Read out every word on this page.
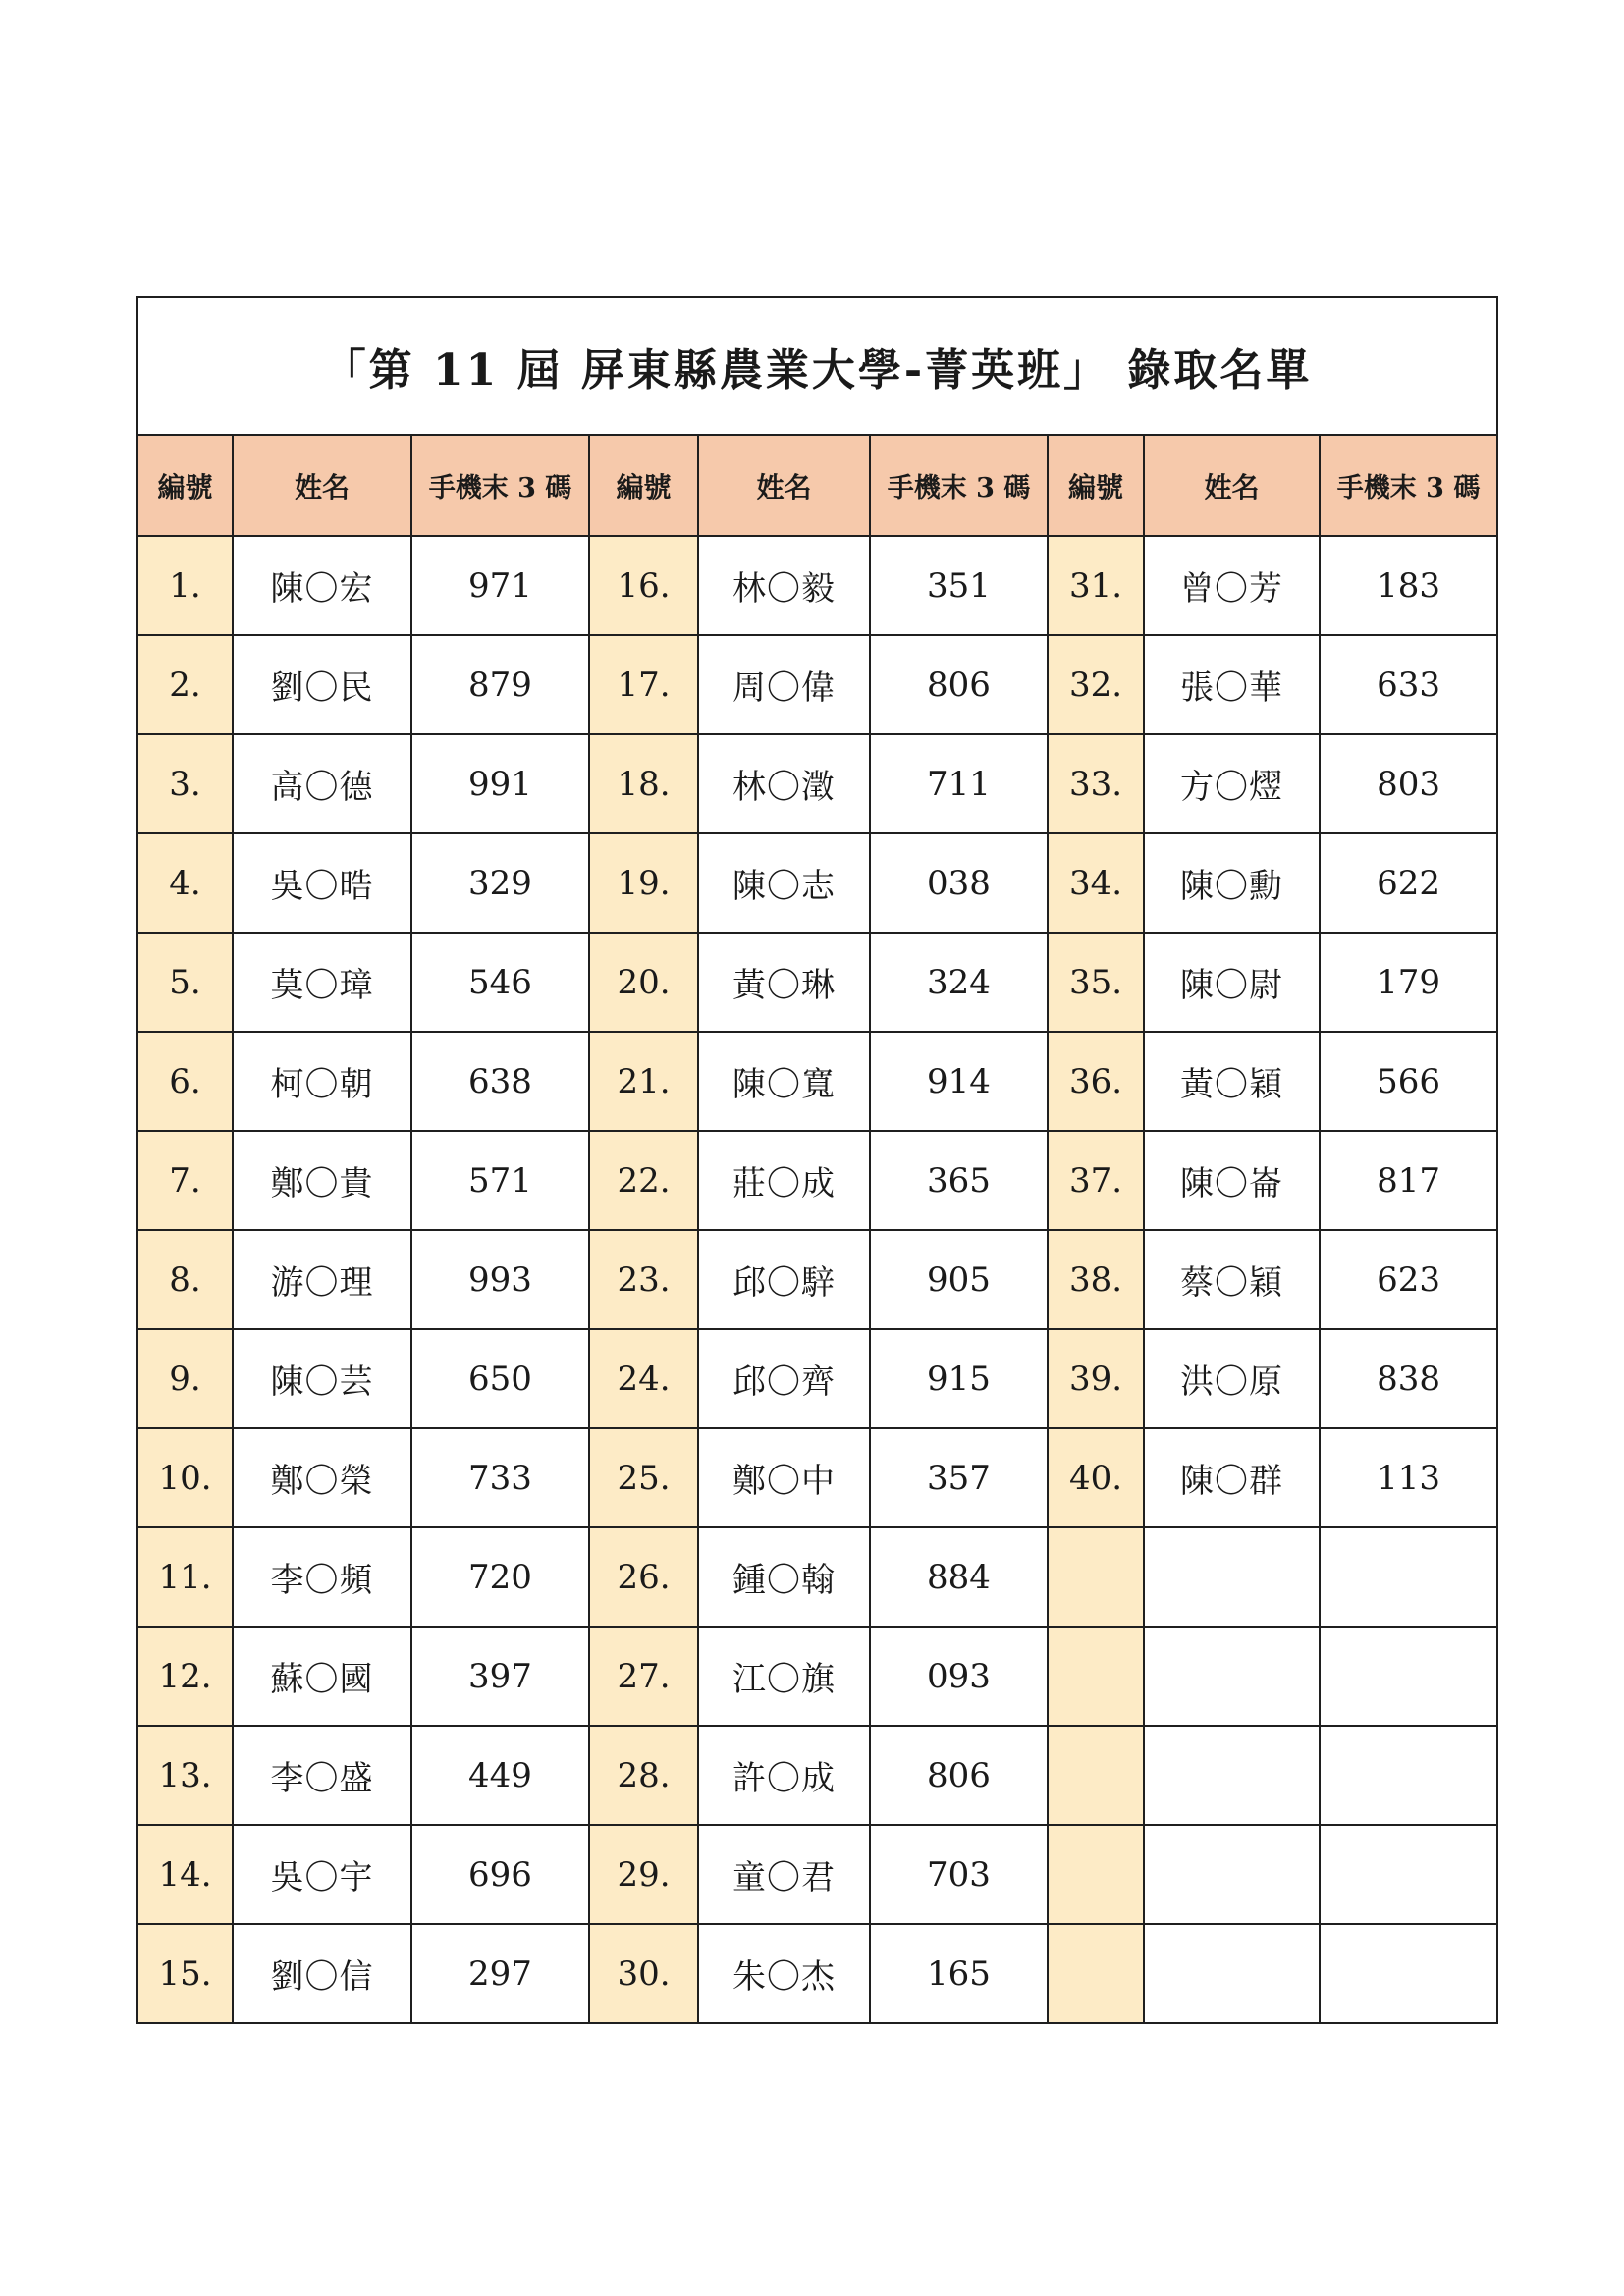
「第 11 屆 屏東縣農業大學-菁英班」 錄取名單								
編號	姓名	手機末 3 碼	編號	姓名	手機末 3 碼	編號	姓名	手機末 3 碼
1.	陳〇宏	971	16.	林〇毅	351	31.	曾〇芳	183
2.	劉〇民	879	17.	周〇偉	806	32.	張〇華	633
3.	高〇德	991	18.	林〇澂	711	33.	方〇熤	803
4.	吳〇晧	329	19.	陳〇志	038	34.	陳〇勳	622
5.	莫〇璋	546	20.	黃〇琳	324	35.	陳〇尉	179
6.	柯〇朝	638	21.	陳〇寬	914	36.	黃〇穎	566
7.	鄭〇貴	571	22.	莊〇成	365	37.	陳〇崙	817
8.	游〇理	993	23.	邱〇騂	905	38.	蔡〇穎	623
9.	陳〇芸	650	24.	邱〇齊	915	39.	洪〇原	838
10.	鄭〇榮	733	25.	鄭〇中	357	40.	陳〇群	113
11.	李〇頻	720	26.	鍾〇翰	884			
12.	蘇〇國	397	27.	江〇旗	093			
13.	李〇盛	449	28.	許〇成	806			
14.	吳〇宇	696	29.	童〇君	703			
15.	劉〇信	297	30.	朱〇杰	165			
